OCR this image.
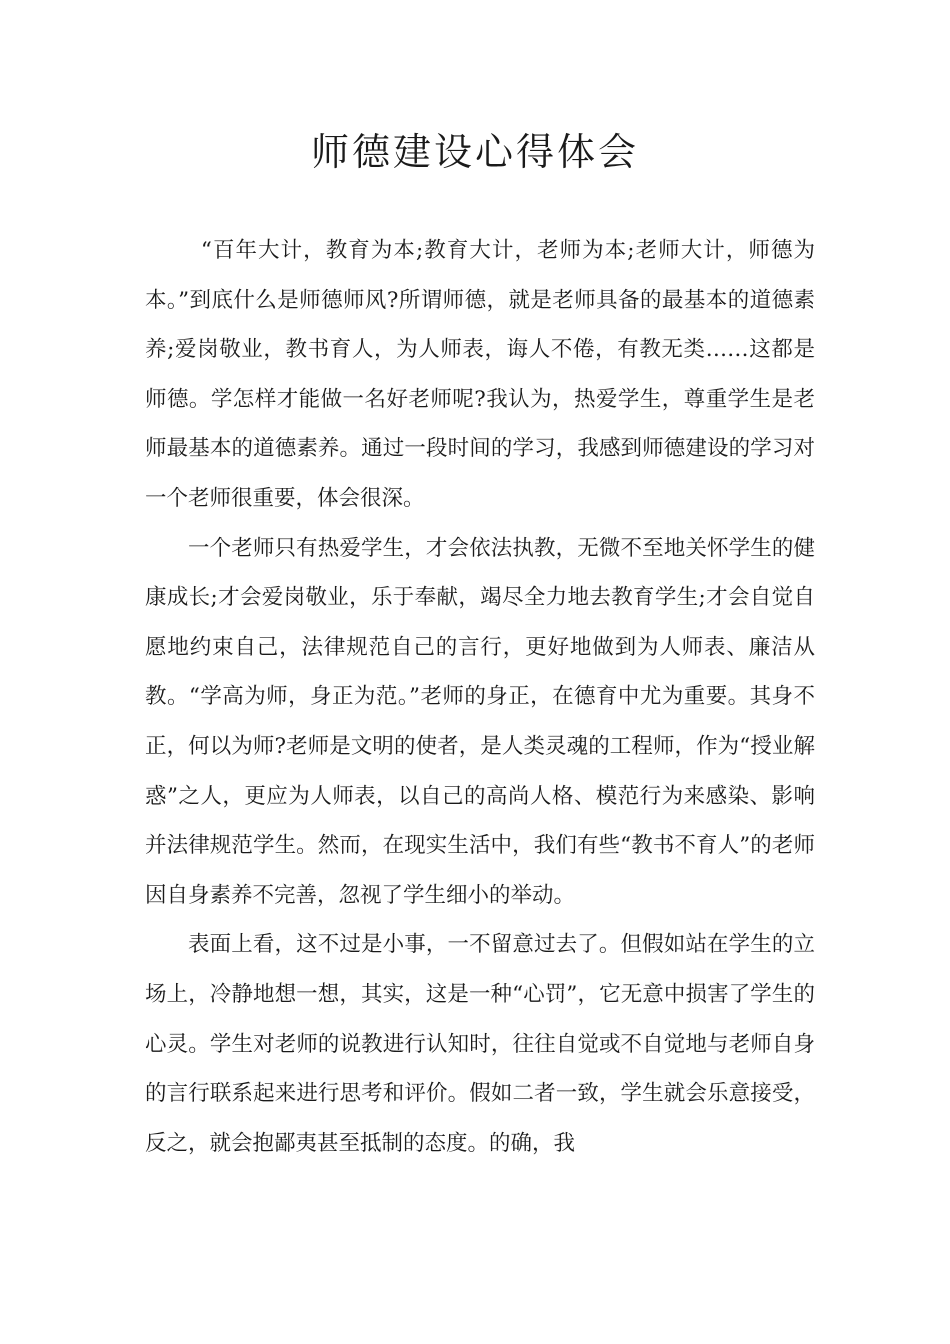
师德建设心得体会

“百年大计，教育为本;教育大计，老师为本;老师大计，师德为本。”到底什么是师德师风?所谓师德，就是老师具备的最基本的道德素养;爱岗敬业，教书育人，为人师表，诲人不倦，有教无类……这都是师德。学怎样才能做一名好老师呢?我认为，热爱学生，尊重学生是老师最基本的道德素养。通过一段时间的学习，我感到师德建设的学习对一个老师很重要，体会很深。

一个老师只有热爱学生，才会依法执教，无微不至地关怀学生的健康成长;才会爱岗敬业，乐于奉献，竭尽全力地去教育学生;才会自觉自愿地约束自己，法律规范自己的言行，更好地做到为人师表、廉洁从教。“学高为师，身正为范。”老师的身正，在德育中尤为重要。其身不正，何以为师?老师是文明的使者，是人类灵魂的工程师，作为“授业解惑”之人，更应为人师表，以自己的高尚人格、模范行为来感染、影响并法律规范学生。然而，在现实生活中，我们有些“教书不育人”的老师因自身素养不完善，忽视了学生细小的举动。

表面上看，这不过是小事，一不留意过去了。但假如站在学生的立场上，冷静地想一想，其实，这是一种“心罚”，它无意中损害了学生的心灵。学生对老师的说教进行认知时，往往自觉或不自觉地与老师自身的言行联系起来进行思考和评价。假如二者一致，学生就会乐意接受，反之，就会抱鄙夷甚至抵制的态度。的确，我
